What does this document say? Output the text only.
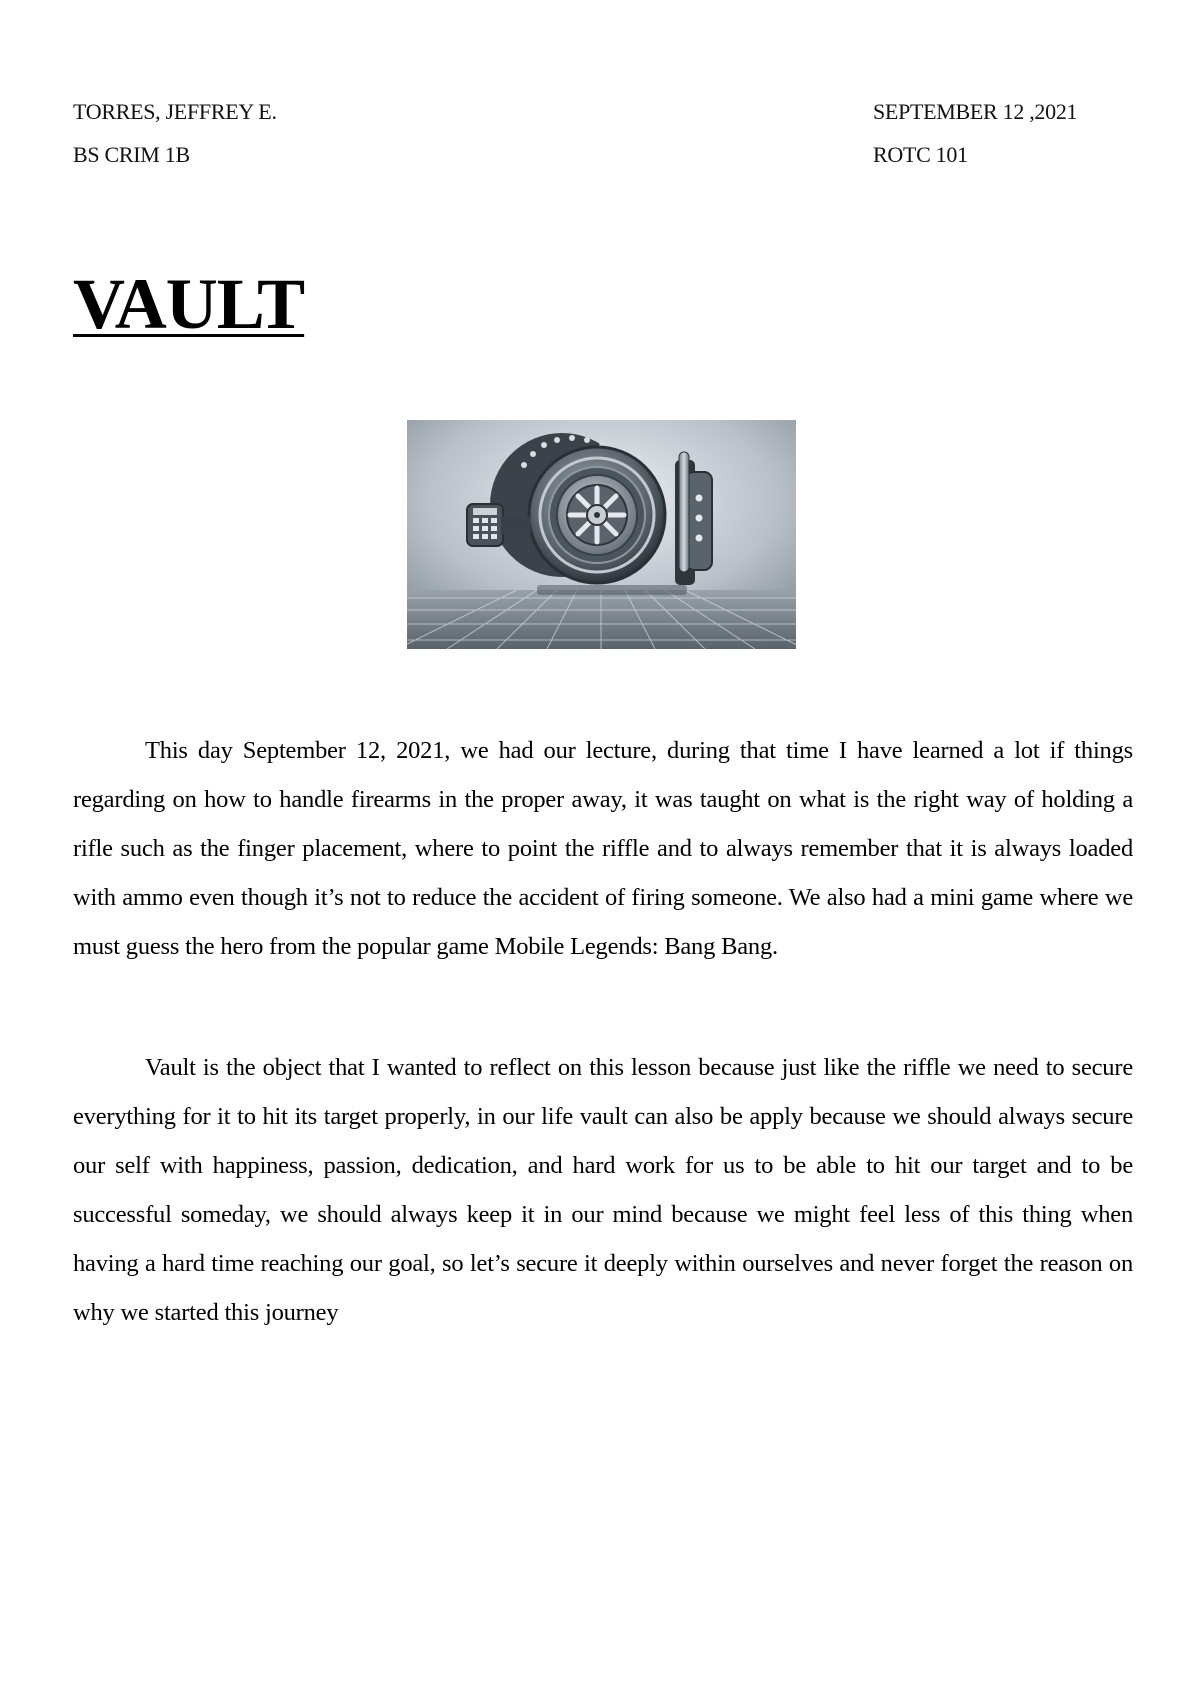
TORRES, JEFFREY E.	SEPTEMBER 12 ,2021
BS CRIM 1B	ROTC 101
VAULT
This day September 12, 2021, we had our lecture, during that time I have learned a lot if things regarding on how to handle firearms in the proper away, it was taught on what is the right way of holding a rifle such as the finger placement, where to point the riffle and to always remember that it is always loaded with ammo even though it’s not to reduce the accident of firing someone. We also had a mini game where we must guess the hero from the popular game Mobile Legends: Bang Bang.
Vault is the object that I wanted to reflect on this lesson because just like the riffle we need to secure everything for it to hit its target properly, in our life vault can also be apply because we should always secure our self with happiness, passion, dedication, and hard work for us to be able to hit our target and to be successful someday, we should always keep it in our mind because we might feel less of this thing when having a hard time reaching our goal, so let’s secure it deeply within ourselves and never forget the reason on why we started this journey
